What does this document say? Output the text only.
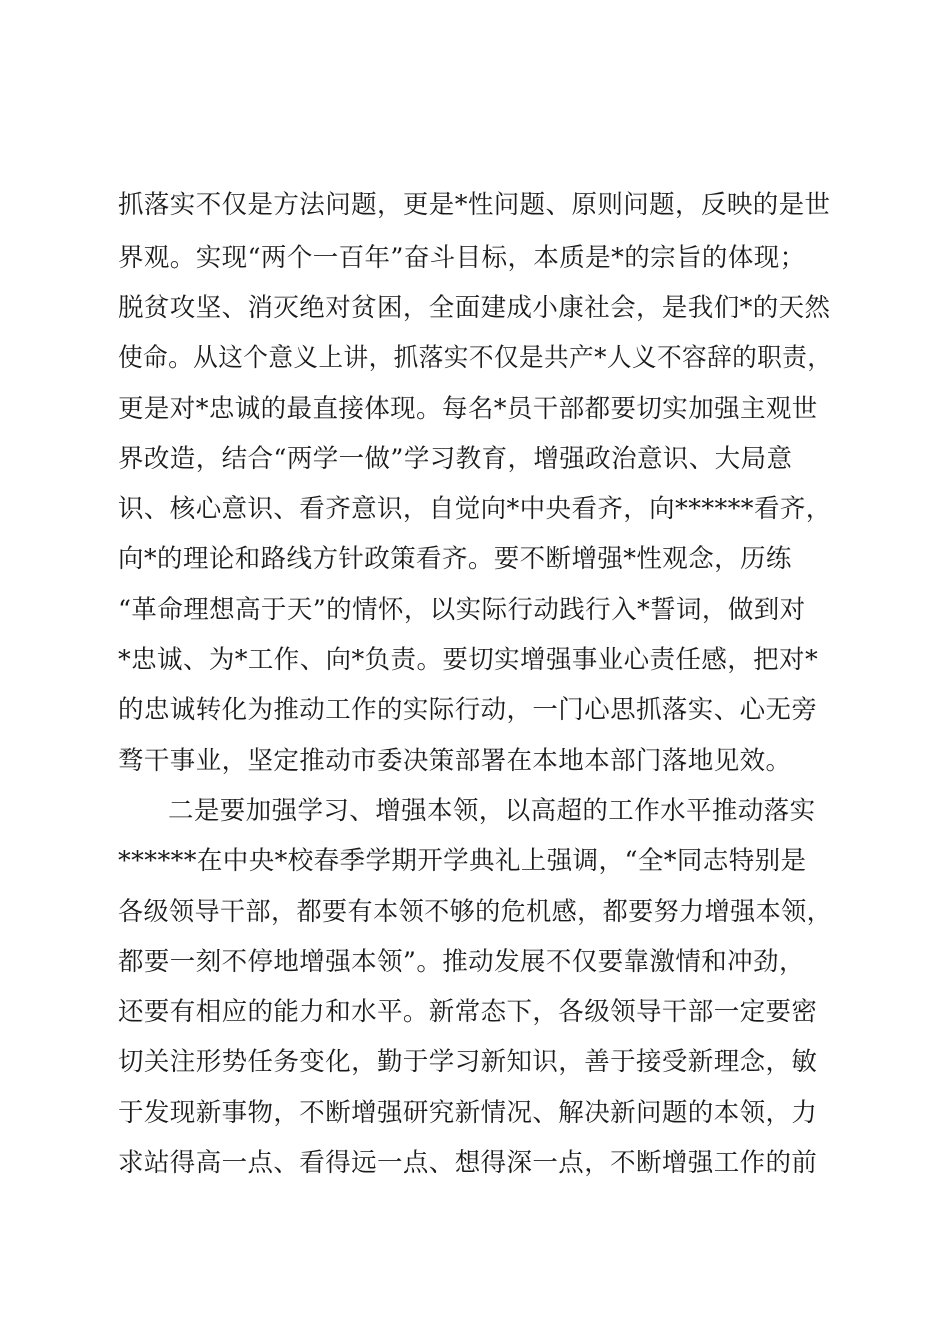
抓落实不仅是方法问题，更是*性问题、原则问题，反映的是世
界观。实现“两个一百年”奋斗目标，本质是*的宗旨的体现；
脱贫攻坚、消灭绝对贫困，全面建成小康社会，是我们*的天然
使命。从这个意义上讲，抓落实不仅是共产*人义不容辞的职责，
更是对*忠诚的最直接体现。每名*员干部都要切实加强主观世
界改造，结合“两学一做”学习教育，增强政治意识、大局意
识、核心意识、看齐意识，自觉向*中央看齐，向******看齐，
向*的理论和路线方针政策看齐。要不断增强*性观念，历练
“革命理想高于天”的情怀，以实际行动践行入*誓词，做到对
*忠诚、为*工作、向*负责。要切实增强事业心责任感，把对*
的忠诚转化为推动工作的实际行动，一门心思抓落实、心无旁
骛干事业，坚定推动市委决策部署在本地本部门落地见效。
二是要加强学习、增强本领，以高超的工作水平推动落实
******在中央*校春季学期开学典礼上强调，“全*同志特别是
各级领导干部，都要有本领不够的危机感，都要努力增强本领，
都要一刻不停地增强本领”。推动发展不仅要靠激情和冲劲，
还要有相应的能力和水平。新常态下，各级领导干部一定要密
切关注形势任务变化，勤于学习新知识，善于接受新理念，敏
于发现新事物，不断增强研究新情况、解决新问题的本领，力
求站得高一点、看得远一点、想得深一点，不断增强工作的前
